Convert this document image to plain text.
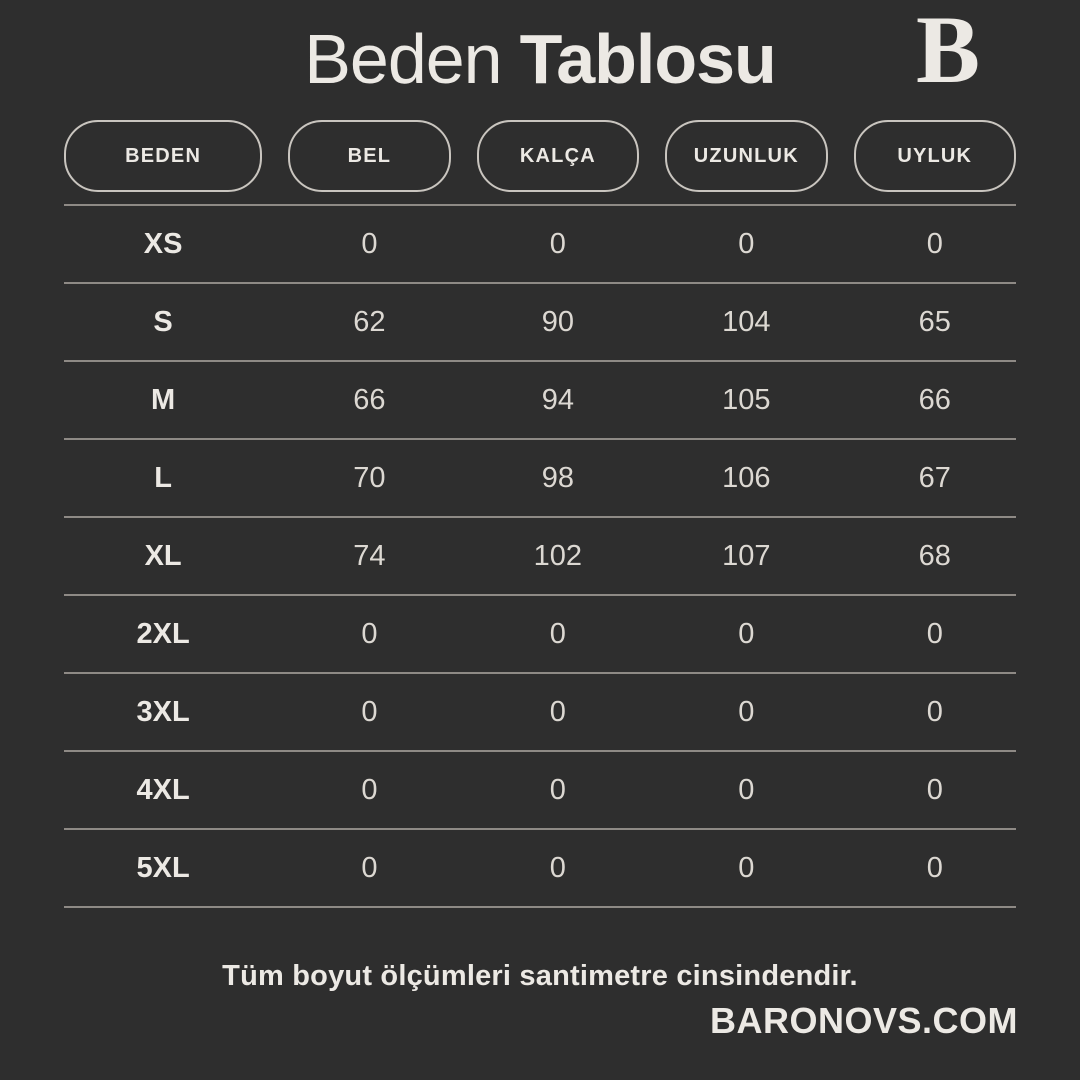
Beden Tablosu B
BEDEN	BEL	KALÇA	UZUNLUK	UYLUK
XS	0	0	0	0
S	62	90	104	65
M	66	94	105	66
L	70	98	106	67
XL	74	102	107	68
2XL	0	0	0	0
3XL	0	0	0	0
4XL	0	0	0	0
5XL	0	0	0	0
Tüm boyut ölçümleri santimetre cinsindendir.
BARONOVS.COM
